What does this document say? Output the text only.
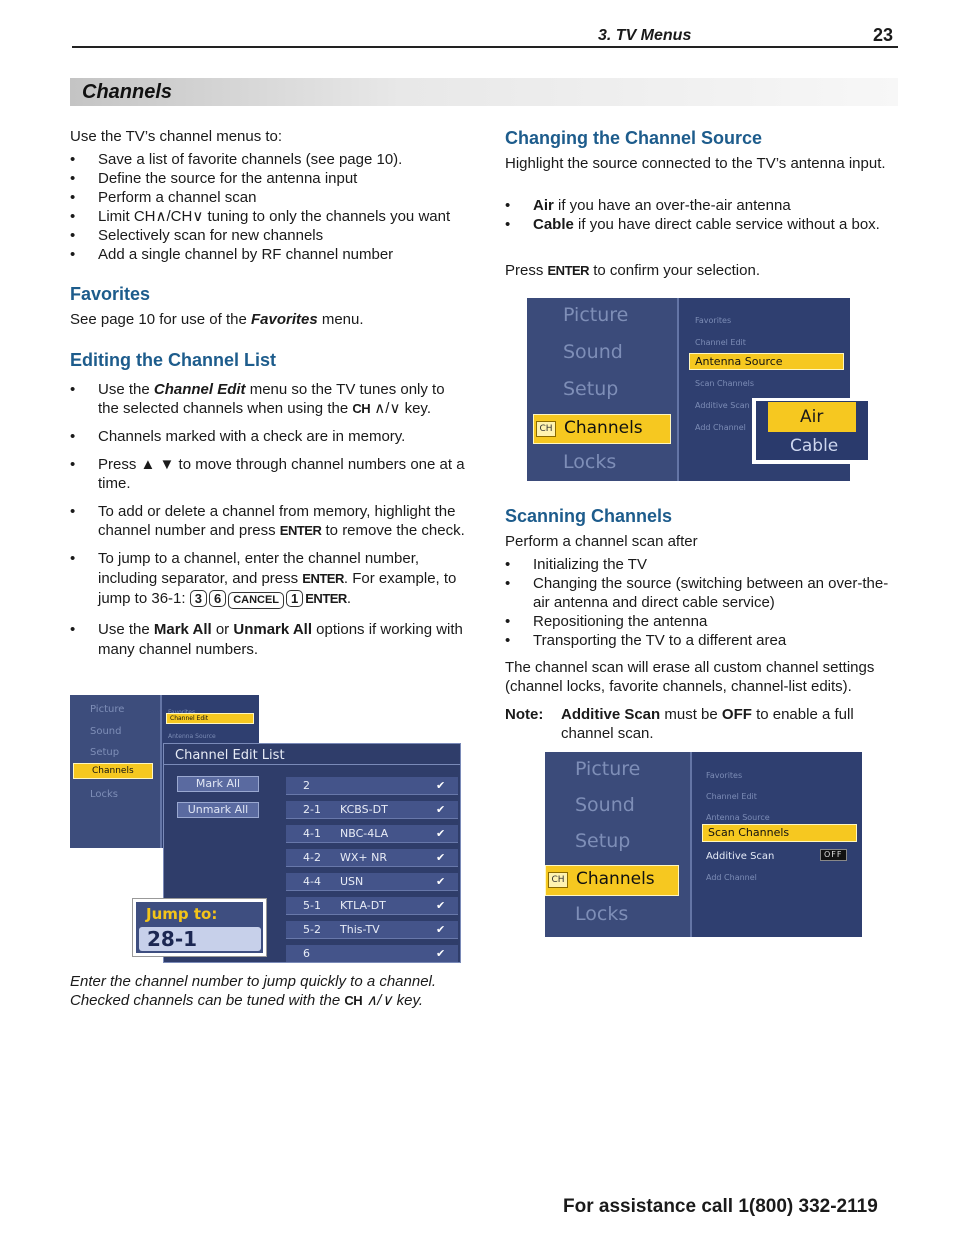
3. TV Menus	23
Channels
Use the TV’s channel menus to:
• Save a list of favorite channels (see page 10).
• Define the source for the antenna input
• Perform a channel scan
• Limit CH∧/CH∨ tuning to only the channels you want
• Selectively scan for new channels
• Add a single channel by RF channel number
Favorites
See page 10 for use of the Favorites menu.
Editing the Channel List
• Use the Channel Edit menu so the TV tunes only to the selected channels when using the CH ∧/∨ key.
• Channels marked with a check are in memory.
• Press ▲ ▼ to move through channel numbers one at a time.
• To add or delete a channel from memory, highlight the channel number and press ENTER to remove the check.
• To jump to a channel, enter the channel number, including separator, and press ENTER. For example, to jump to 36-1: 3 6 CANCEL 1 ENTER.
• Use the Mark All or Unmark All options if working with many channel numbers.
Picture
Sound
Setup
Channels
Locks
Channel Edit
Antenna Source
Channel Edit List
Mark All
Unmark All
2	✔
2-1 KCBS-DT	✔
4-1 NBC-4LA	✔
4-2 WX+ NR	✔
4-4 USN	✔
5-1 KTLA-DT	✔
5-2 This-TV	✔
6	✔
Jump to:
28-1
Enter the channel number to jump quickly to a channel. Checked channels can be tuned with the CH ∧/∨ key.
Changing the Channel Source
Highlight the source connected to the TV’s antenna input.
• Air if you have an over-the-air antenna
• Cable if you have direct cable service without a box.
Press ENTER to confirm your selection.
Picture
Sound
Setup
Channels
CH
Locks
Favorites
Channel Edit
Antenna Source
Scan Channels
Additive Scan
Add Channel
Air
Cable
Scanning Channels
Perform a channel scan after
• Initializing the TV
• Changing the source (switching between an over-the-air antenna and direct cable service)
• Repositioning the antenna
• Transporting the TV to a different area
The channel scan will erase all custom channel settings (channel locks, favorite channels, channel-list edits).
Note: Additive Scan must be OFF to enable a full channel scan.
Picture
Sound
Setup
Channels
CH
Locks
Favorites
Channel Edit
Antenna Source
Scan Channels
Additive Scan	OFF
Add Channel
For assistance call 1(800) 332-2119
